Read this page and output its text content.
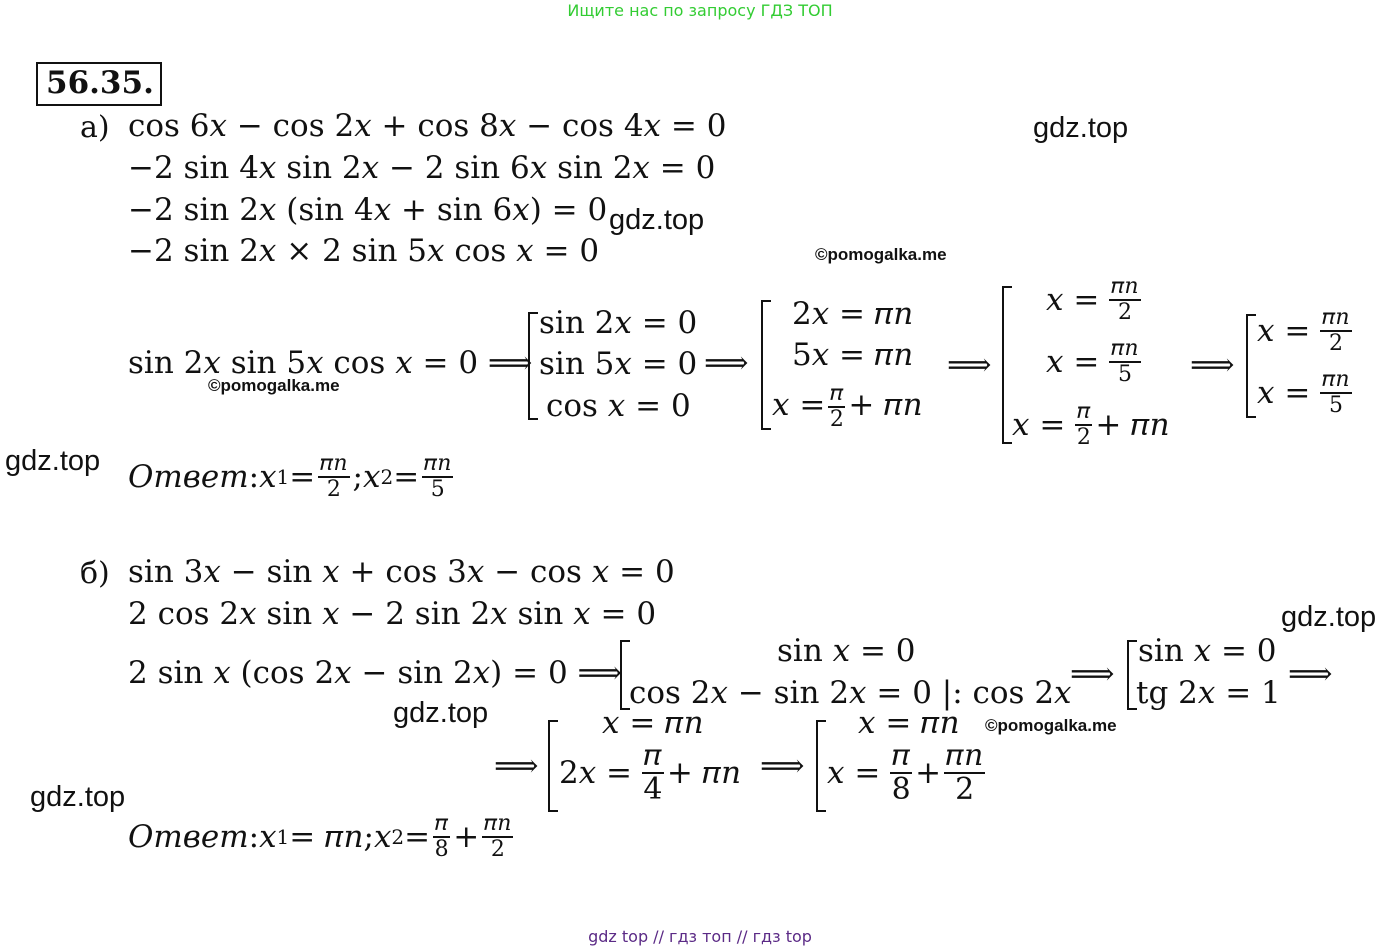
Ищите нас по запросу ГДЗ ТОП
gdz top // гдз топ // гдз top
gdz.top
gdz.top
gdz.top
gdz.top
gdz.top
gdz.top
©pomogalka.me
©pomogalka.me
©pomogalka.me
56.35.
а) cos 6𝑥 − cos 2𝑥 + cos 8𝑥 − cos 4𝑥 = 0
−2 sin 4𝑥 sin 2𝑥 − 2 sin 6𝑥 sin 2𝑥 = 0
−2 sin 2𝑥 (sin 4𝑥 + sin 6𝑥) = 0
−2 sin 2𝑥 × 2 sin 5𝑥 cos 𝑥 = 0
sin 2𝑥 sin 5𝑥 cos 𝑥 = 0 ⟹
sin 2𝑥 = 0
sin 5𝑥 = 0
cos 𝑥 = 0
⟹
2𝑥 = 𝜋𝑛
5𝑥 = 𝜋𝑛
𝑥 = $\frac{\text{𝜋}}{2}$ + 𝜋𝑛
⟹
𝑥 = $\frac{\text{𝜋𝑛}}{2}$
𝑥 = $\frac{\text{𝜋𝑛}}{5}$
𝑥 = $\frac{\text{𝜋}}{2}$ + 𝜋𝑛
⟹
𝑥 = $\frac{\text{𝜋𝑛}}{2}$
𝑥 = $\frac{\text{𝜋𝑛}}{5}$
Ответ : 𝑥 $1 = \frac{\text{𝜋𝑛}}{2}$ ; 𝑥 $2 = \frac{\text{𝜋𝑛}}{5}$
б) sin 3𝑥 − sin 𝑥 + cos 3𝑥 − cos 𝑥 = 0
2 cos 2𝑥 sin 𝑥 − 2 sin 2𝑥 sin 𝑥 = 0
2 sin 𝑥 (cos 2𝑥 − sin 2𝑥) = 0 ⟹
sin 𝑥 = 0
cos 2𝑥 − sin 2𝑥 = 0 |: cos 2𝑥
⟹
sin 𝑥 = 0
tg 2𝑥 = 1
⟹
⟹
𝑥 = 𝜋𝑛
2𝑥 = $\frac{\text{𝜋}}{4}$ + 𝜋𝑛 ⟹
𝑥 = 𝜋𝑛
𝑥 = $\frac{\text{𝜋}}{8} + \frac{\text{𝜋𝑛}}{2}$
Ответ : 𝑥 1 = 𝜋𝑛; 𝑥 $2 = \frac{\text{𝜋}}{8} + \frac{\text{𝜋𝑛}}{2}$
